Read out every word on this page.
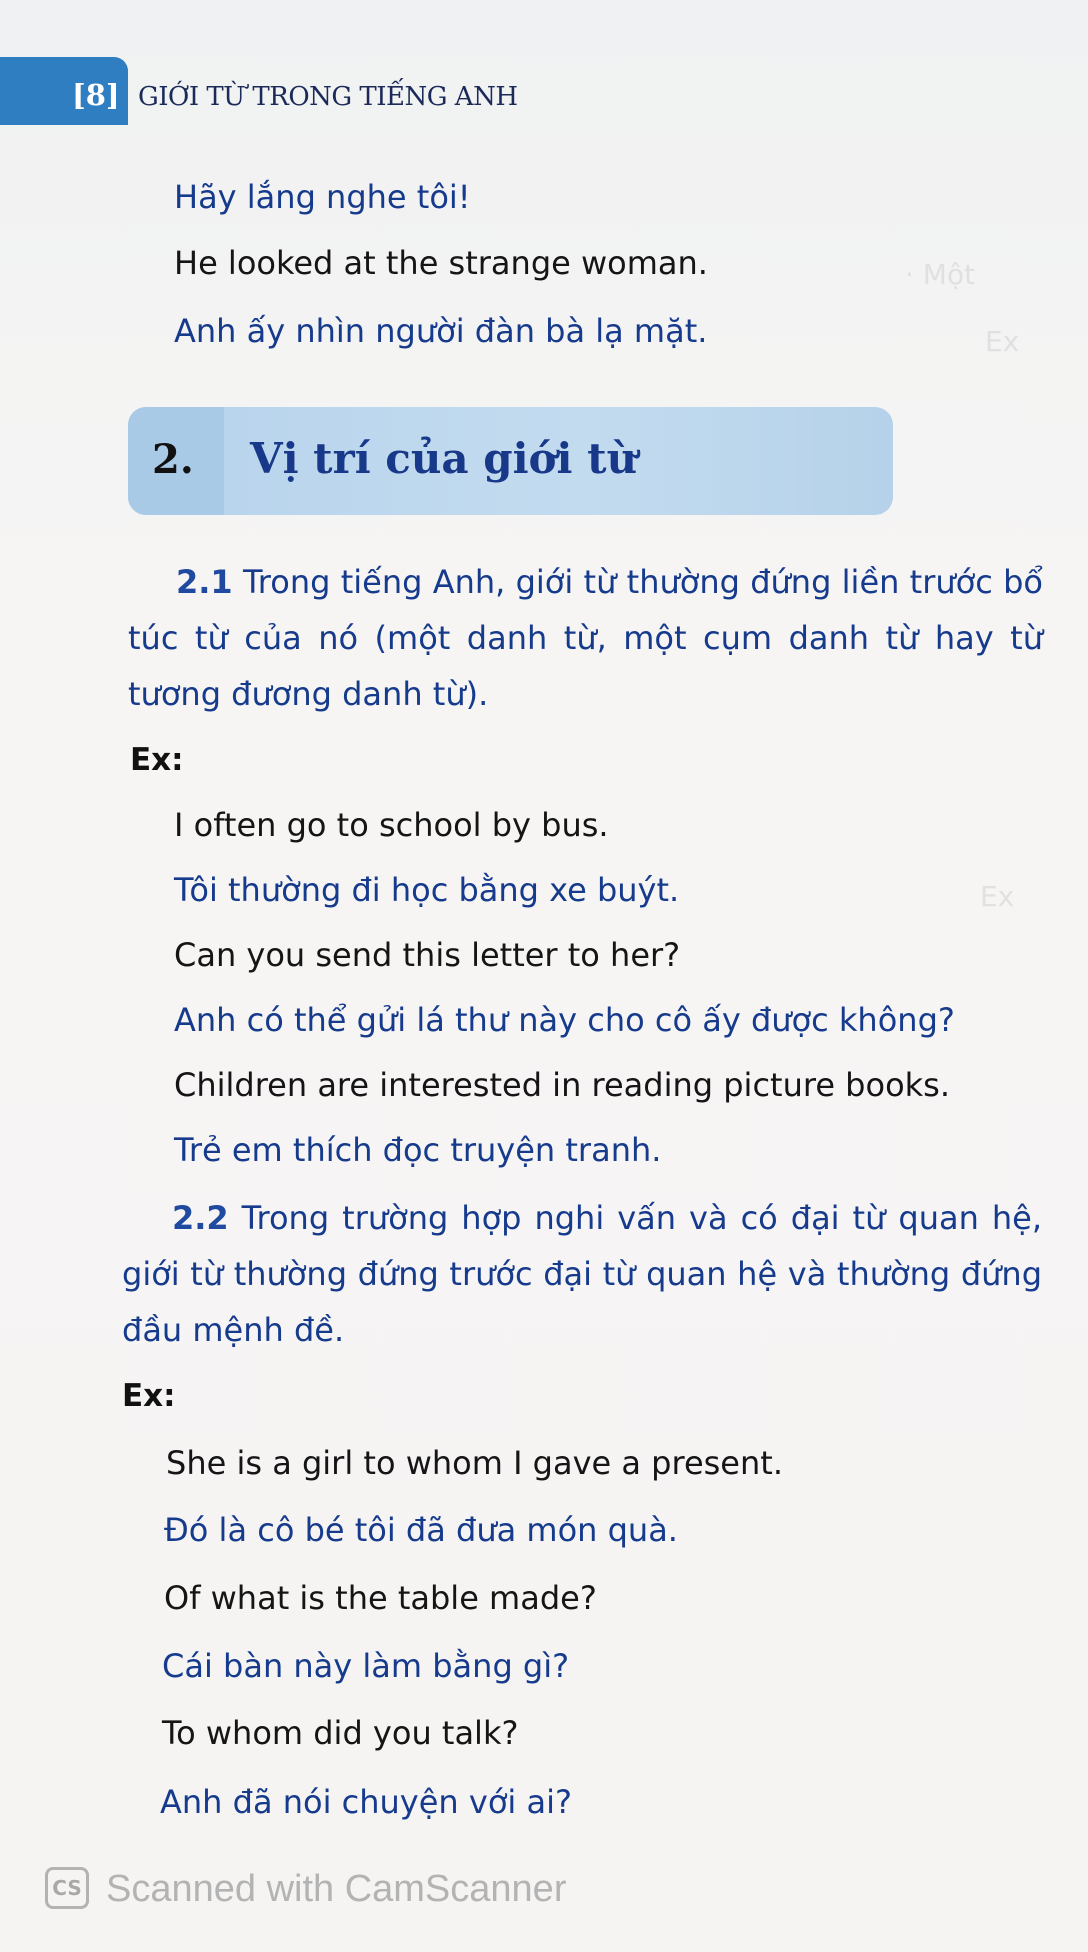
· Một
Ex
Ex
[8] GIỚI TỪ TRONG TIẾNG ANH
Hãy lắng nghe tôi!
He looked at the strange woman.
Anh ấy nhìn người đàn bà lạ mặt.
2. Vị trí của giới từ
2.1 Trong tiếng Anh, giới từ thường đứng liền trước bổ túc từ của nó (một danh từ, một cụm danh từ hay từ tương đương danh từ).
Ex:
I often go to school by bus.
Tôi thường đi học bằng xe buýt.
Can you send this letter to her?
Anh có thể gửi lá thư này cho cô ấy được không?
Children are interested in reading picture books.
Trẻ em thích đọc truyện tranh.
2.2 Trong trường hợp nghi vấn và có đại từ quan hệ, giới từ thường đứng trước đại từ quan hệ và thường đứng đầu mệnh đề.
Ex:
She is a girl to whom I gave a present.
Đó là cô bé tôi đã đưa món quà.
Of what is the table made?
Cái bàn này làm bằng gì?
To whom did you talk?
Anh đã nói chuyện với ai?
CS Scanned with CamScanner
